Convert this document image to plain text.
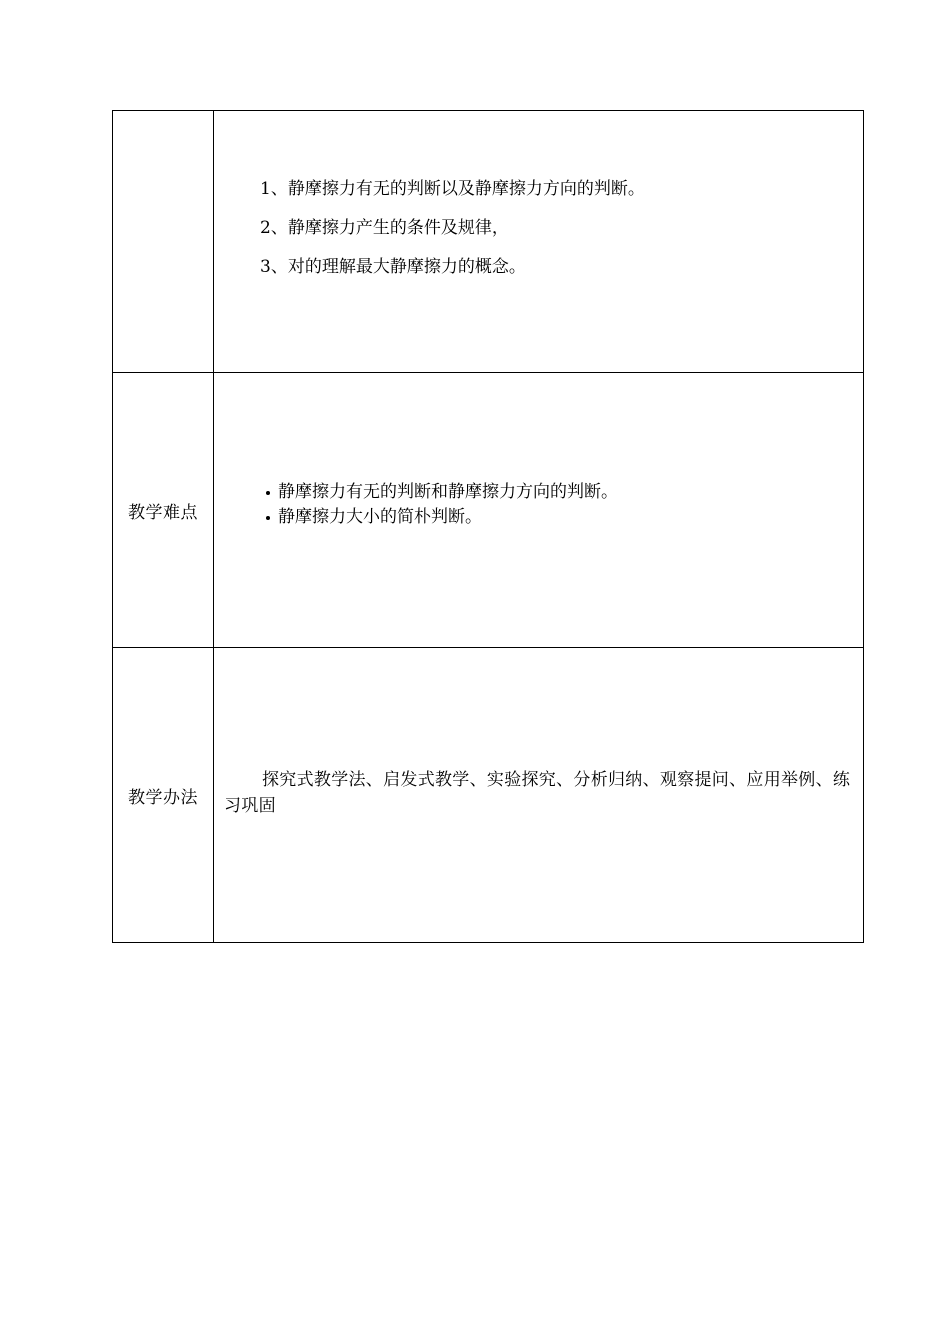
	1、静摩擦力有无的判断以及静摩擦力方向的判断。
2、静摩擦力产生的条件及规律，
3、对的理解最大静摩擦力的概念。

教学难点	静摩擦力有无的判断和静摩擦力方向的判断。
静摩擦力大小的简朴判断。

教学办法	探究式教学法、启发式教学、实验探究、分析归纳、观察提问、应用举例、练习巩固
